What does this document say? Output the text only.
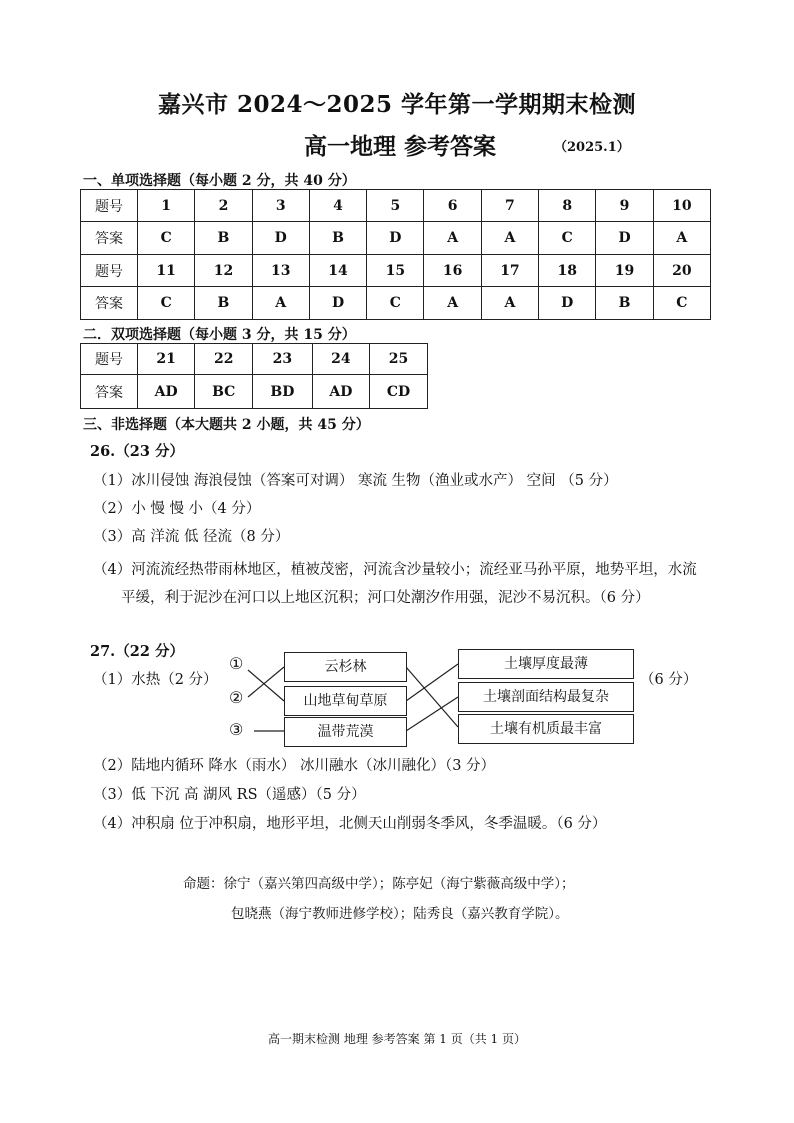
嘉兴市 2024～2025 学年第一学期期末检测
高一地理 参考答案	（2025.1）
一、单项选择题（每小题 2 分，共 40 分）
题号	1	2	3	4	5	6	7	8	9	10
答案	C	B	D	B	D	A	A	C	D	A
题号	11	12	13	14	15	16	17	18	19	20
答案	C	B	A	D	C	A	A	D	B	C
二．双项选择题（每小题 3 分，共 15 分）
题号	21	22	23	24	25
答案	AD	BC	BD	AD	CD
三、非选择题（本大题共 2 小题，共 45 分）
26.（23 分）
（1）冰川侵蚀 海浪侵蚀（答案可对调） 寒流 生物（渔业或水产） 空间 （5 分）
（2）小 慢 慢 小（4 分）
（3）高 洋流 低 径流（8 分）
（4）河流流经热带雨林地区，植被茂密，河流含沙量较小；流经亚马孙平原，地势平坦，水流平缓，利于泥沙在河口以上地区沉积；河口处潮汐作用强，泥沙不易沉积。（6 分）
27.（22 分）
（1）水热（2 分）
①
②
③
云杉林
山地草甸草原
温带荒漠
土壤厚度最薄
土壤剖面结构最复杂
土壤有机质最丰富
（6 分）
（2）陆地内循环 降水（雨水） 冰川融水（冰川融化）（3 分）
（3）低 下沉 高 湖风 RS（遥感）（5 分）
（4）冲积扇 位于冲积扇，地形平坦，北侧天山削弱冬季风，冬季温暖。（6 分）
命题：徐宁（嘉兴第四高级中学）；陈亭妃（海宁紫薇高级中学）；
包晓燕（海宁教师进修学校）；陆秀良（嘉兴教育学院）。
高一期末检测 地理 参考答案 第 1 页（共 1 页）
